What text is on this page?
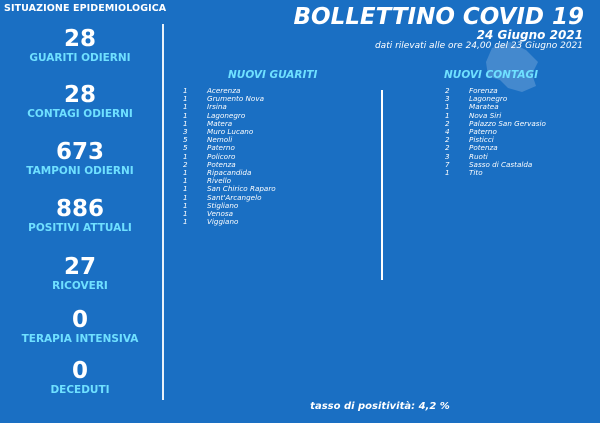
SITUAZIONE EPIDEMIOLOGICA
28
GUARITI ODIERNI
28
CONTAGI ODIERNI
673
TAMPONI ODIERNI
886
POSITIVI ATTUALI
27
RICOVERI
0
TERAPIA INTENSIVA
0
DECEDUTI
BOLLETTINO COVID 19
24 Giugno 2021
dati rilevati alle ore 24,00 del 23 Giugno 2021
NUOVI GUARITI	NUOVI CONTAGI
1	Acerenza
1	Grumento Nova
1	Irsina
1	Lagonegro
1	Matera
3	Muro Lucano
5	Nemoli
5	Paterno
1	Policoro
2	Potenza
1	Ripacandida
1	Rivello
1	San Chirico Raparo
1	Sant'Arcangelo
1	Stigliano
1	Venosa
1	Viggiano
2	Forenza
3	Lagonegro
1	Maratea
1	Nova Siri
2	Palazzo San Gervasio
4	Paterno
2	Pisticci
2	Potenza
3	Ruoti
7	Sasso di Castalda
1	Tito
tasso di positività: 4,2 %
